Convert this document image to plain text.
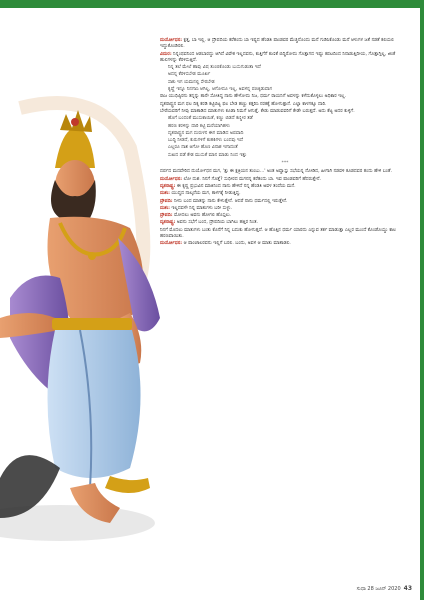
ದುರ್ಯೋಧನ: ಕ್ಷತ್ತ, ಬಾ ಇಲ್ಲಿ. ಆ ದ್ರೌಪದಿಯ ಕರೆತಂದು ಬಾ ಇಷ್ಟದ ಹೆಂಡತಿ ಪಾಂಡವರ ಮೆಚ್ಚಿನೊಂದು ಮನೆ ಗುಡಿಸಿಕೊಂಡು ಮನೆ ಆಳುಗಳ ಜತೆ ನಡತೆ ಕಲಿಯಲಿ ಇದ್ದುಕೊಂಡಿರಲಿ.

ವಿದುರ: ನಿನ್ನಂಥವನಿಂದ ಆಡಬಾರದ್ದು ಆಗಿದೆ ವಿವೇಕ ಇಲ್ಲದವನು, ಕುತ್ತಿಗೆಗೆ ಕುಣಿಕೆ ಬಿದ್ದಿರೋದು ಗೊತ್ತಾಗದ ಇಷ್ಟು ಕಪಟದಿಂದ ನಿನಾಡುತ್ತಿದೀಯ, ಗೊತ್ತಾಗ್ತಿಲ್ಲ, ಜಿಂಕೆ ಹುಲಿಗಳನ್ನು ಕೆರಳಿಸುತ್ತಿದೆ.

ನಿನ್ನ ತಲೆ ಮೇಲೆ ಹಾವು ವಿಷ ತುಂಬಿಕೊಂಡು ಬುಸುಗುಡುತಾ ಇದೆ

ಅದನ್ನ ಕೆರಳಿಸಬೇಡ ಮೂರ್ಖ

ಸಾಕು ಇಗ ಯಮನಲ್ಲಿ ಸೇರಬೇಡ

ಕೃಷ್ಣೆ ಇನ್ನೂ ನಿನಗಾಸಿ ಆಗಿಲ್ಲ, ಆಗೋದೂ ಇಲ್ಲ, ಅವಳನ್ನ ಪಣಕ್ಕಿಡುವಾಗ

ರಾಜ ಯುಧಿಷ್ಠಿರನು ತನ್ನನ್ನು ತಾನೇ ಸೋತಿದ್ದ ನಾನು ಹೇಳೋದು ನಿಜ, ಧರ್ಮ ರಾಯನಿಗೆ ಅವಳನ್ನು ಕಳೆದುಕೊಳ್ಳಲು ಅಧಿಕಾರ ಇಲ್ಲ.

ದೃತರಾಷ್ಟ್ರನ ಮಗ ಫಲ ದಿಕ್ಕ ಕರಡಿ ಕಟ್ಟಿಬಿಟ್ಟ ಫಲ ಬೇಡ ಹಣ್ಣು ಕತ್ತರಿಸಿ ನರಕಕ್ಕೆ ಹೋಗುತ್ತಾನೆ. ಎಲ್ಲಾ ಕಾಳಗಕ್ಕೂ ದಾರಿ.

ಬೇರೆಯವರಿಗೆ ನೀವು ಮಾತಾಡಿದ ಮಾತುಗಳು ಕೂಡಾ ನಿಮಗೆ ಆಗುತ್ತೆ. ಕೇಡು ಮಾಡುವವರಿಗೆ ಕೇಡೇ ಬರುತ್ತದೆ. ಅದು ಕೆಟ್ಟ ಅದರ ಕುಳ್ಳಿಗೆ.

ಹೊಗೆ ಬಂದಂತೆ ಮುಸುಕಾಯಿತೆ, ಕಣ್ಣು ಬಿಡದೆ ಕಣ್ಣೀರ ತಡೆ

ಹರಣ ಕರಳಿನ್ನು ದಾರಿ ಕಟ್ಟಿ ಮರೆಯಾಗಿಹಳು

ದೃತರಾಷ್ಟ್ರನ ಮಗ ದುರುಳನ ಈಗ ಮಾಡಿದ ಅಪವಾದಿ

ಬುದ್ದಿ ನೀಡದೆ, ಕುರುಗಳಿಗೆ ಕುಹಕಿಗಳು ಬಂದವು ಇದೆ

ಎಲ್ಲರೂ ನಾಶ ಆಗೋ ಹೊಣ ವಿನಾಶ ಇಗಾದಂತೆ

ಸುಖದ ಪಡೆ ಕೇಡ ಮುಸುಕೆ ಮಾನ ಮಾಡು ನಿಂದ ಇತ್ತು

***

ದರ್ಪದ ಮದವೇರಿದ ದುರ್ಯೋಧನ ಮಗ, 'ತ್ತು ಈ ಕ್ಷತ್ರಿಯನ ತುಂಬು...' ಅಂತ ಅವ್ವಾಸ್ತು ಸಭೆಯನ್ನ ನೋಡಿದ, ಹೀಗಾಗಿ ನಡವಳಿ ಕೂಡದವರ ತಂದು ಹೇಳಿ ಬಂತೆ.

ದುರ್ಯೋಧನ: ಲೋ ದುಶ. ನಿನಗೆ ಗೊತ್ತೆ? ಸುಧೀರದ ಮಗನನ್ನ ಕರೆತಂದು ಬಾ. ಇವ ಪಾಂಡವರಿಗೆ ಹೆದರುತ್ತೇನೆ.

ದೃತರಾಷ್ಟ್ರ: ಈ ಕೃಷ್ಣ ಪ್ರಭುವಿನ ಮಾತಿನಿಂದ ನಾನು ಹೇಳಿದೆ ನನ್ನ ಹೆಂಡತಿ ಅವಳ ತಂದೆಯ ಮನೆ.

ದುಶಃ: ಯುದ್ಧದ ನಾಲ್ಕನೆಯ ಮಗ, ಕಾಳಗಕ್ಕೆ ನೀಡುತ್ತಿದ್ದ.

ದ್ರೌಪದಿ: ನೀನು ಬಂದ ಮಾತನ್ನು ನಾನು ಕೇಳುತ್ತೇನೆ. ಆದರೆ ನಾನು ಧರ್ಮದಲ್ಲಿ ಇರುತ್ತೇನೆ.

ದುಶಃ: ಇಲ್ಲದವಳೇ ನಿನ್ನ ಮಾತುಗಳು ಬರೀ ಸುಳ್ಳು.

ದ್ರೌಪದಿ: ಮೋದಲು ಅವನು ಹೋಗಲಿ ಹೊಸ್ತಲು.

ದೃತರಾಷ್ಟ್ರ: ಅವನು ಸಭೆಗೆ ಬಂದ, ದ್ರೌಪದಿಯ ಬಾಗಿಲು ಹತ್ತಿರ ನಿಂತ.

ನಿನಗೆ ಮೊದಲು ಮಾತುಗಳು ಬಂತು ಕೊನೆಗೆ ನಿನ್ನ ಬದುಕು ಹೋಗುತ್ತದೆ. ಆ ಹೊತ್ತಿನ ಧರ್ಮ ಯಾರದು ಎನ್ನುವ ತರ್ಕ ಮಾಡುತ್ತಾ ಎಲ್ಲರ ಮುಂದೆ ಕೊಂಡೊಯ್ದು ಕಾಲ ಹರಣವಾಯಿತು.

ದುರ್ಯೋಧನ: ಆ ಪಾಂಚಾಲರವನು ಇಲ್ಲಿಗೆ ಬರಲಿ. ಬಂದು, ಅವಳ ಆ ಮಾತು ಮಾತಾಡಲಿ.

ಸುಧಾ 28 ಜೂನ್ 2020 43
